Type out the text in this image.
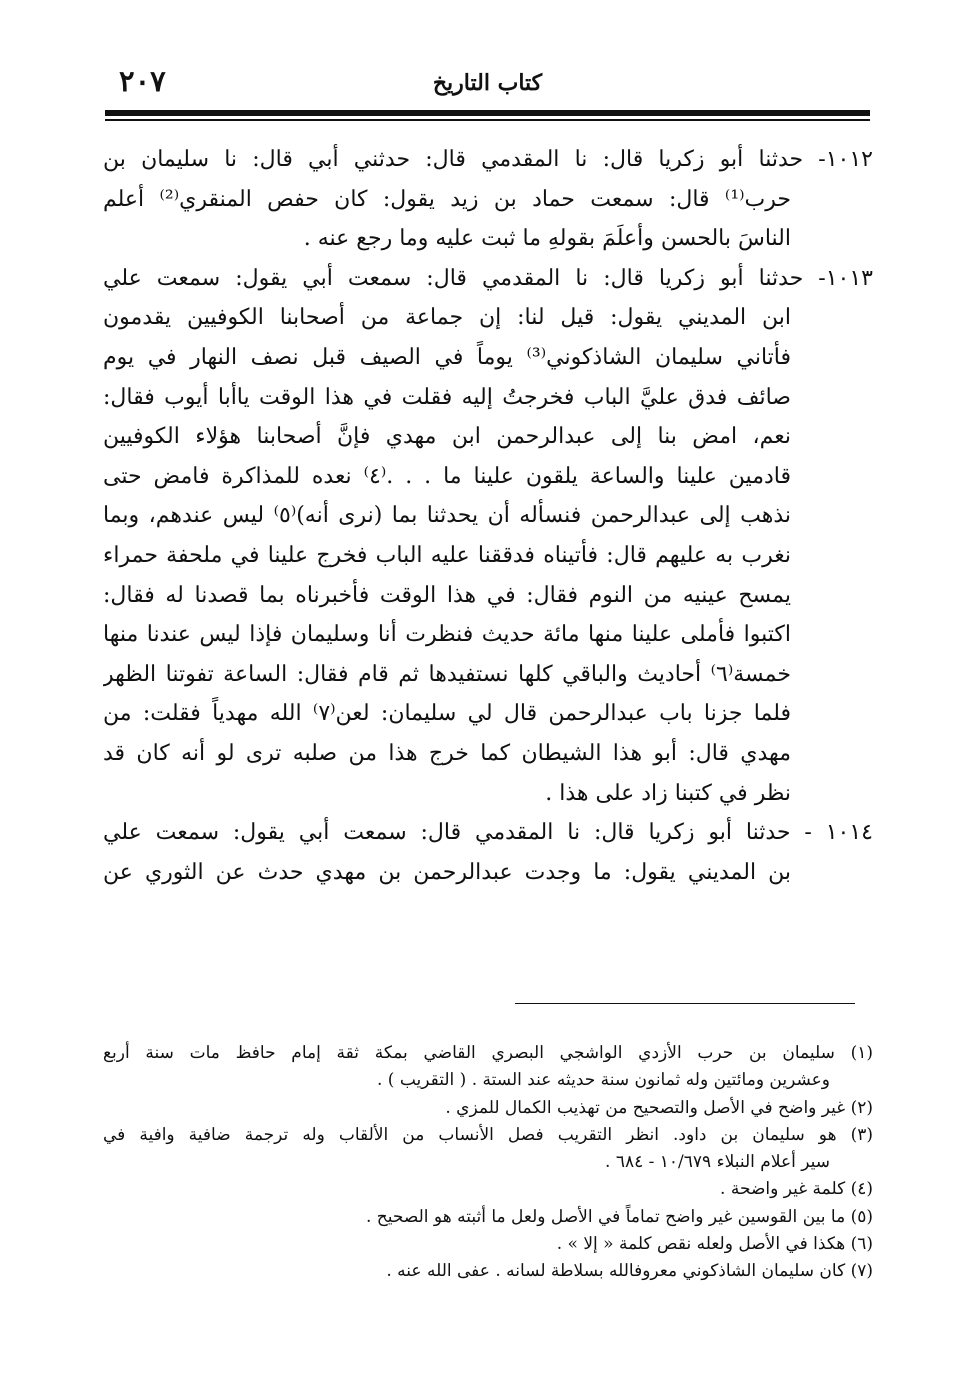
٢٠٧	كتاب التاريخ
١٠١٢- حدثنا أبو زكريا قال: نا المقدمي قال: حدثني أبي قال: نا سليمان بن
حرب⁽¹⁾ قال: سمعت حماد بن زيد يقول: كان حفص المنقري⁽²⁾ أعلم
الناسَ بالحسن وأعلَمَ بقولهِ ما ثبت عليه وما رجع عنه .
١٠١٣- حدثنا أبو زكريا قال: نا المقدمي قال: سمعت أبي يقول: سمعت علي
ابن المديني يقول: قيل لنا: إن جماعة من أصحابنا الكوفيين يقدمون
فأتاني سليمان الشاذكوني⁽³⁾ يوماً في الصيف قبل نصف النهار في يوم
صائف فدق عليَّ الباب فخرجتُ إليه فقلت في هذا الوقت ياأبا أيوب فقال:
نعم، امض بنا إلى عبدالرحمن ابن مهدي فإنَّ أصحابنا هؤلاء الكوفيين
قادمين علينا والساعة يلقون علينا ما . . .⁽٤⁾ نعده للمذاكرة فامض حتى
نذهب إلى عبدالرحمن فنسأله أن يحدثنا بما (نرى أنه)⁽٥⁾ ليس عندهم، وبما
نغرب به عليهم قال: فأتيناه فدققنا عليه الباب فخرج علينا في ملحفة حمراء
يمسح عينيه من النوم فقال: في هذا الوقت فأخبرناه بما قصدنا له فقال:
اكتبوا فأملى علينا منها مائة حديث فنظرت أنا وسليمان فإذا ليس عندنا منها
خمسة⁽٦⁾ أحاديث والباقي كلها نستفيدها ثم قام فقال: الساعة تفوتنا الظهر
فلما جزنا باب عبدالرحمن قال لي سليمان: لعن⁽٧⁾ الله مهدياً فقلت: من
مهدي قال: أبو هذا الشيطان كما خرج هذا من صلبه ترى لو أنه كان قد
نظر في كتبنا زاد على هذا .
١٠١٤ - حدثنا أبو زكريا قال: نا المقدمي قال: سمعت أبي يقول: سمعت علي
بن المديني يقول: ما وجدت عبدالرحمن بن مهدي حدث عن الثوري عن
(١) سليمان بن حرب الأزدي الواشجي البصري القاضي بمكة ثقة إمام حافظ مات سنة أربع
وعشرين ومائتين وله ثمانون سنة حديثه عند الستة . ( التقريب ) .
(٢) غير واضح في الأصل والتصحيح من تهذيب الكمال للمزي .
(٣) هو سليمان بن داود. انظر التقريب فصل الأنساب من الألقاب وله ترجمة ضافية وافية في
سير أعلام النبلاء ١٠/٦٧٩ - ٦٨٤ .
(٤) كلمة غير واضحة .
(٥) ما بين القوسين غير واضح تماماً في الأصل ولعل ما أثبته هو الصحيح .
(٦) هكذا في الأصل ولعله نقص كلمة « إلا » .
(٧) كان سليمان الشاذكوني معروفالله بسلاطة لسانه . عفى الله عنه .
